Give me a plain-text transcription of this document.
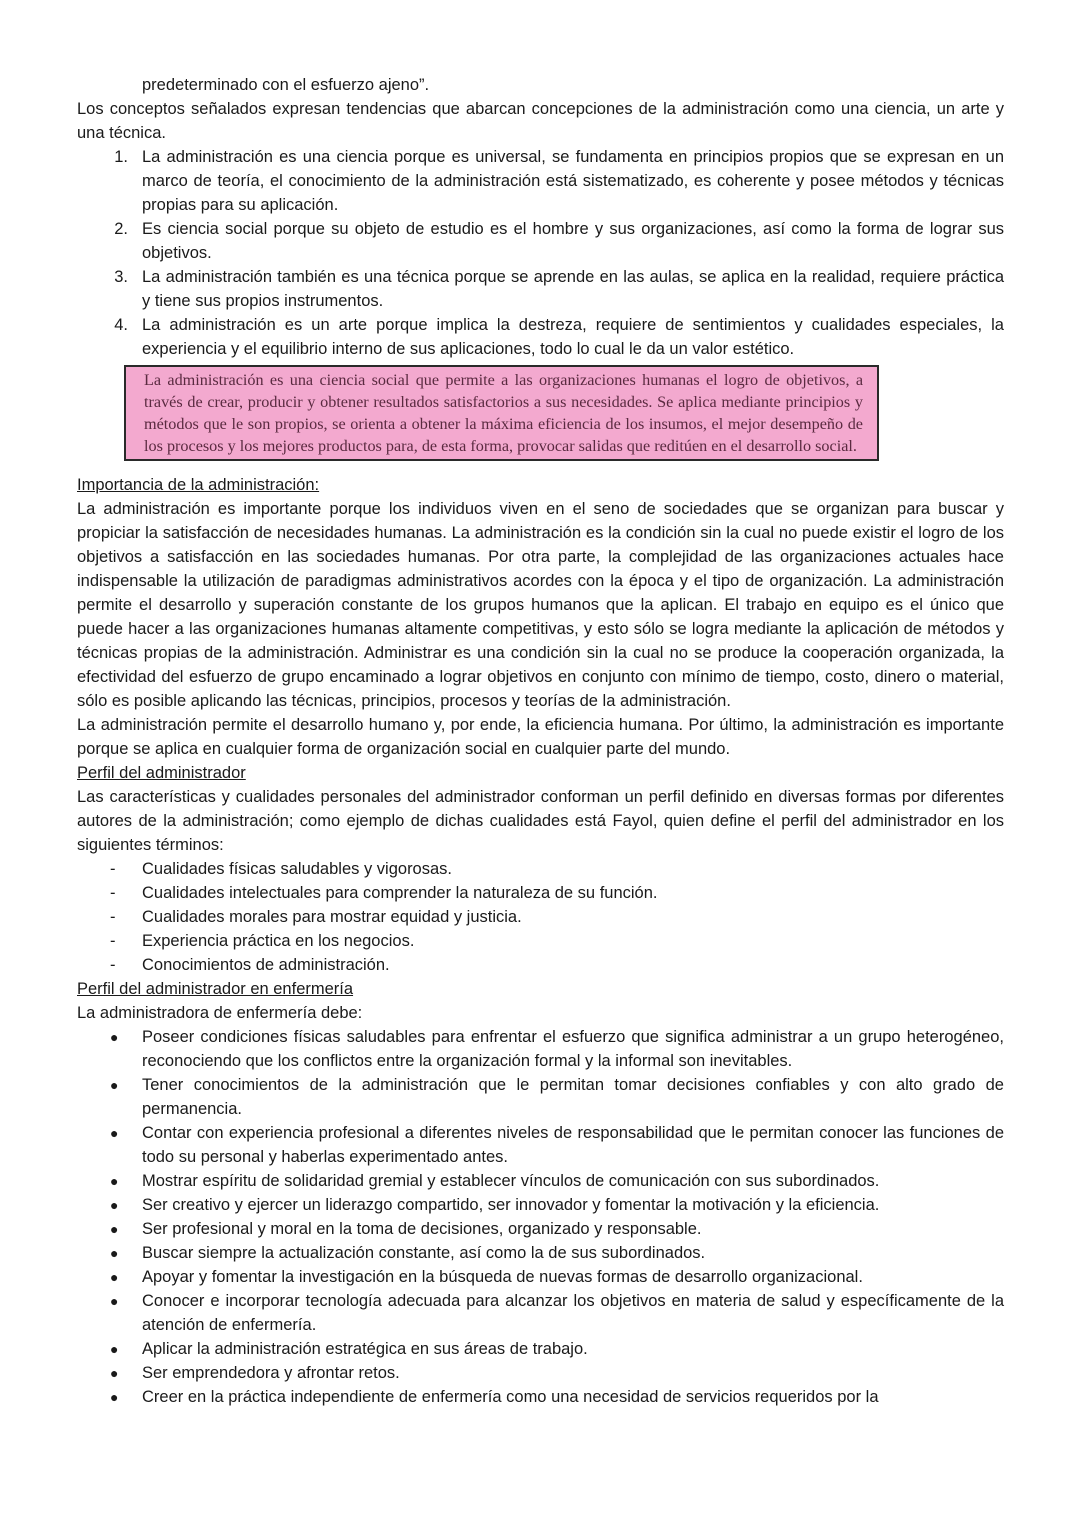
predeterminado con el esfuerzo ajeno”.

Los conceptos señalados expresan tendencias que abarcan concepciones de la administración como una ciencia, un arte y una técnica.

1. La administración es una ciencia porque es universal, se fundamenta en principios propios que se expresan en un marco de teoría, el conocimiento de la administración está sistematizado, es coherente y posee métodos y técnicas propias para su aplicación.
2. Es ciencia social porque su objeto de estudio es el hombre y sus organizaciones, así como la forma de lograr sus objetivos.
3. La administración también es una técnica porque se aprende en las aulas, se aplica en la realidad, requiere práctica y tiene sus propios instrumentos.
4. La administración es un arte porque implica la destreza, requiere de sentimientos y cualidades especiales, la experiencia y el equilibrio interno de sus aplicaciones, todo lo cual le da un valor estético.
La administración es una ciencia social que permite a las organizaciones humanas el logro de objetivos, a través de crear, producir y obtener resultados satisfactorios a sus necesidades. Se aplica mediante principios y métodos que le son propios, se orienta a obtener la máxima eficiencia de los insumos, el mejor desempeño de los procesos y los mejores productos para, de esta forma, provocar salidas que reditúen en el desarrollo social.
Importancia de la administración:

La administración es importante porque los individuos viven en el seno de sociedades que se organizan para buscar y propiciar la satisfacción de necesidades humanas. La administración es la condición sin la cual no puede existir el logro de los objetivos a satisfacción en las sociedades humanas. Por otra parte, la complejidad de las organizaciones actuales hace indispensable la utilización de paradigmas administrativos acordes con la época y el tipo de organización. La administración permite el desarrollo y superación constante de los grupos humanos que la aplican. El trabajo en equipo es el único que puede hacer a las organizaciones humanas altamente competitivas, y esto sólo se logra mediante la aplicación de métodos y técnicas propias de la administración. Administrar es una condición sin la cual no se produce la cooperación organizada, la efectividad del esfuerzo de grupo encaminado a lograr objetivos en conjunto con mínimo de tiempo, costo, dinero o material, sólo es posible aplicando las técnicas, principios, procesos y teorías de la administración.

La administración permite el desarrollo humano y, por ende, la eficiencia humana. Por último, la administración es importante porque se aplica en cualquier forma de organización social en cualquier parte del mundo.

Perfil del administrador

Las características y cualidades personales del administrador conforman un perfil definido en diversas formas por diferentes autores de la administración; como ejemplo de dichas cualidades está Fayol, quien define el perfil del administrador en los siguientes términos:

- Cualidades físicas saludables y vigorosas.
- Cualidades intelectuales para comprender la naturaleza de su función.
- Cualidades morales para mostrar equidad y justicia.
- Experiencia práctica en los negocios.
- Conocimientos de administración.
Perfil del administrador en enfermería

La administradora de enfermería debe:

● Poseer condiciones físicas saludables para enfrentar el esfuerzo que significa administrar a un grupo heterogéneo, reconociendo que los conflictos entre la organización formal y la informal son inevitables.
● Tener conocimientos de la administración que le permitan tomar decisiones confiables y con alto grado de permanencia.
● Contar con experiencia profesional a diferentes niveles de responsabilidad que le permitan conocer las funciones de todo su personal y haberlas experimentado antes.
● Mostrar espíritu de solidaridad gremial y establecer vínculos de comunicación con sus subordinados.
● Ser creativo y ejercer un liderazgo compartido, ser innovador y fomentar la motivación y la eficiencia.
● Ser profesional y moral en la toma de decisiones, organizado y responsable.
● Buscar siempre la actualización constante, así como la de sus subordinados.
● Apoyar y fomentar la investigación en la búsqueda de nuevas formas de desarrollo organizacional.
● Conocer e incorporar tecnología adecuada para alcanzar los objetivos en materia de salud y específicamente de la atención de enfermería.
● Aplicar la administración estratégica en sus áreas de trabajo.
● Ser emprendedora y afrontar retos.
● Creer en la práctica independiente de enfermería como una necesidad de servicios requeridos por la
